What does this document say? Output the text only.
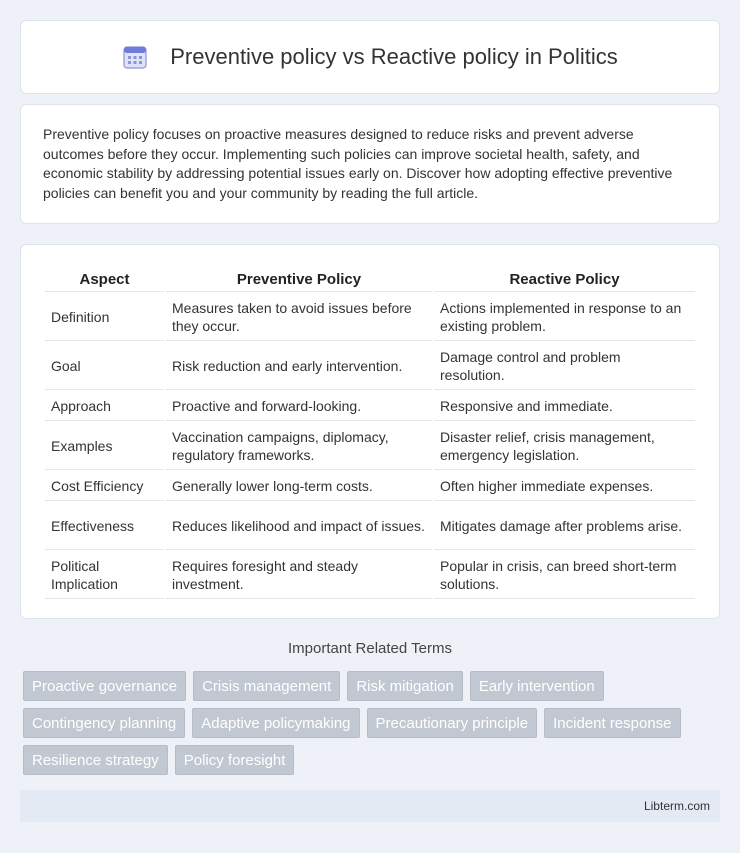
Preventive policy vs Reactive policy in Politics

Preventive policy focuses on proactive measures designed to reduce risks and prevent adverse outcomes before they occur. Implementing such policies can improve societal health, safety, and economic stability by addressing potential issues early on. Discover how adopting effective preventive policies can benefit you and your community by reading the full article.

Aspect	Preventive Policy	Reactive Policy
Definition	Measures taken to avoid issues before they occur.	Actions implemented in response to an existing problem.
Goal	Risk reduction and early intervention.	Damage control and problem resolution.
Approach	Proactive and forward-looking.	Responsive and immediate.
Examples	Vaccination campaigns, diplomacy, regulatory frameworks.	Disaster relief, crisis management, emergency legislation.
Cost Efficiency	Generally lower long-term costs.	Often higher immediate expenses.
Effectiveness	Reduces likelihood and impact of issues.	Mitigates damage after problems arise.
Political Implication	Requires foresight and steady investment.	Popular in crisis, can breed short-term solutions.
Important Related Terms
Proactive governance	Crisis management	Risk mitigation	Early intervention
Contingency planning	Adaptive policymaking	Precautionary principle	Incident response
Resilience strategy	Policy foresight
Libterm.com
